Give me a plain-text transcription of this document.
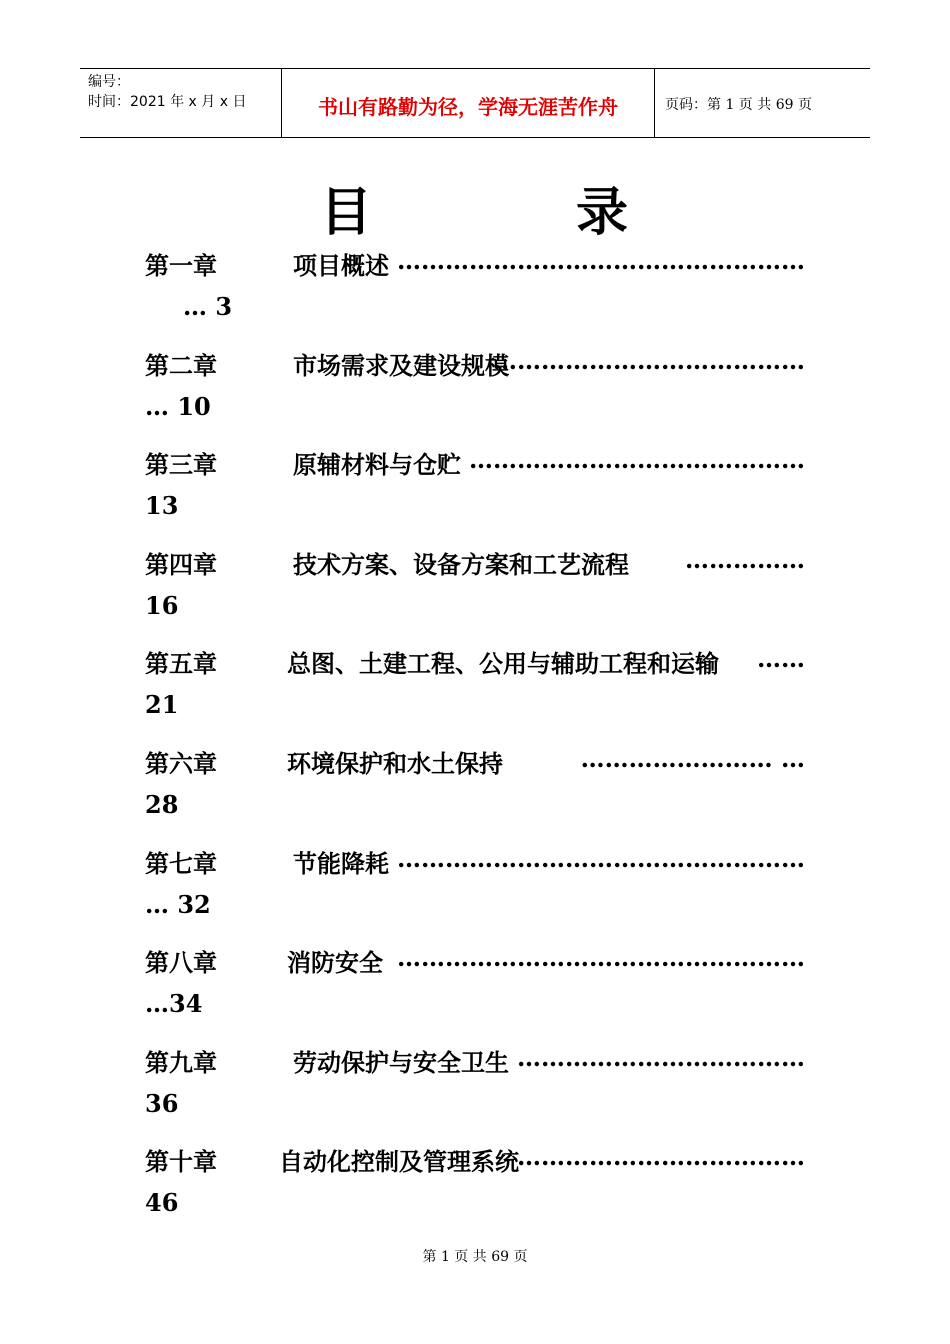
编号：
时间：2021 年 x 月 x 日	书山有路勤为径，学海无涯苦作舟	页码：第 1 页 共 69 页
目	录
第一章	项目概述 ……………………………………………
… 3
第二章	市场需求及建设规模
…………………………………
… 10
第三章	原辅材料与仓贮 ……………………………………
13
第四章	技术方案、设备方案和工艺流程 ……………
16
第五章	总图、土建工程、公用与辅助工程和运输 ……
21
第六章	环境保护和水土保持	…………………… …
28
第七章	节能降耗 ……………………………………………
… 32
第八章	消防安全 ……………………………………………
…34
第九章	劳动保护与安全卫生 ………………………………
36
第十章	自动化控制及管理系统
………………………………
46
第 1 页 共 69 页
